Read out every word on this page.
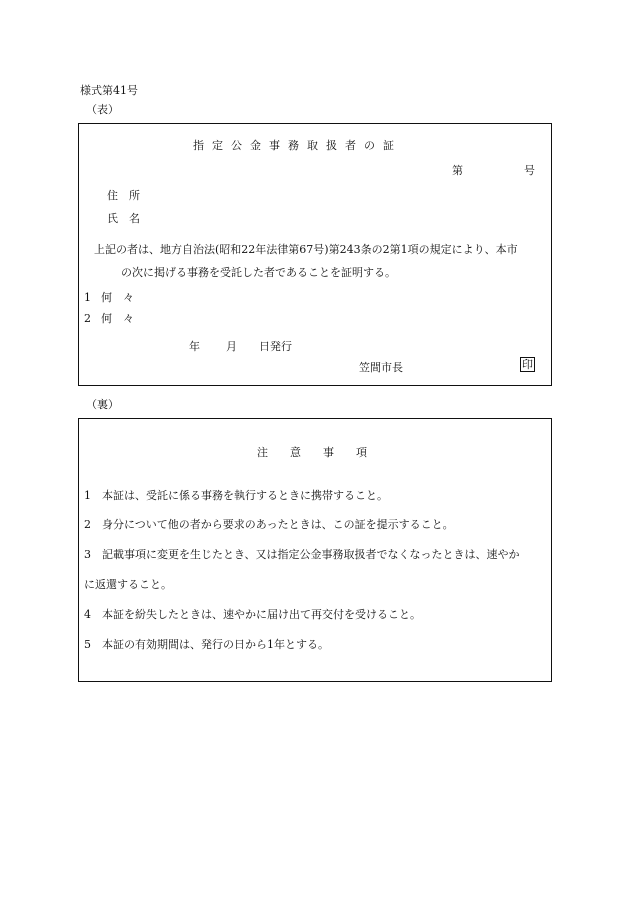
様式第41号
（表）
指定公金事務取扱者の証
第	号
住　所
氏　名
上記の者は、地方自治法(昭和22年法律第67号)第243条の2第1項の規定により、本市
の次に掲げる事務を受託した者であることを証明する。
1 何　々
2 何　々
年 月 日発行
笠間市長	印
（裏）
注意事項
1 本証は、受託に係る事務を執行するときに携帯すること。
2 身分について他の者から要求のあったときは、この証を提示すること。
3 記載事項に変更を生じたとき、又は指定公金事務取扱者でなくなったときは、速やか
に返還すること。
4 本証を紛失したときは、速やかに届け出て再交付を受けること。
5 本証の有効期間は、発行の日から1年とする。
